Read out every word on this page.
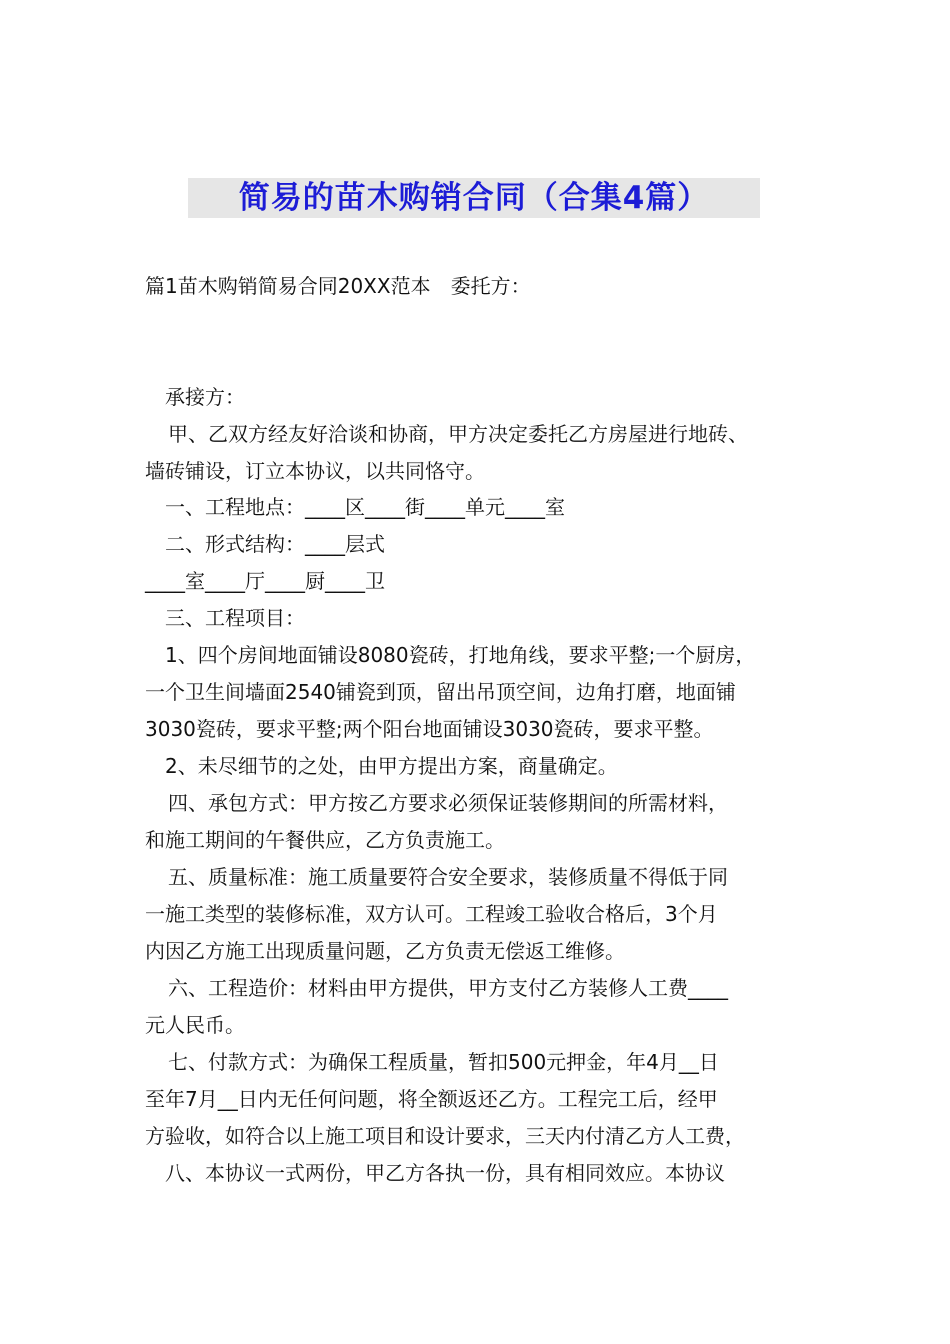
简易的苗木购销合同（合集4篇）
篇1苗木购销简易合同20XX范本　委托方：
承接方：
甲、乙双方经友好洽谈和协商，甲方决定委托乙方房屋进行地砖、
墙砖铺设，订立本协议，以共同恪守。
一、工程地点：____区____街____单元____室
二、形式结构：____层式
____室____厅____厨____卫
三、工程项目：
1、四个房间地面铺设8080瓷砖，打地角线，要求平整;一个厨房，
一个卫生间墙面2540铺瓷到顶，留出吊顶空间，边角打磨，地面铺
3030瓷砖，要求平整;两个阳台地面铺设3030瓷砖，要求平整。
2、未尽细节的之处，由甲方提出方案，商量确定。
四、承包方式：甲方按乙方要求必须保证装修期间的所需材料，
和施工期间的午餐供应，乙方负责施工。
五、质量标准：施工质量要符合安全要求，装修质量不得低于同
一施工类型的装修标准，双方认可。工程竣工验收合格后，3个月
内因乙方施工出现质量问题，乙方负责无偿返工维修。
六、工程造价：材料由甲方提供，甲方支付乙方装修人工费____
元人民币。
七、付款方式：为确保工程质量，暂扣500元押金，年4月__日
至年7月__日内无任何问题，将全额返还乙方。工程完工后，经甲
方验收，如符合以上施工项目和设计要求，三天内付清乙方人工费，
八、本协议一式两份，甲乙方各执一份，具有相同效应。本协议
